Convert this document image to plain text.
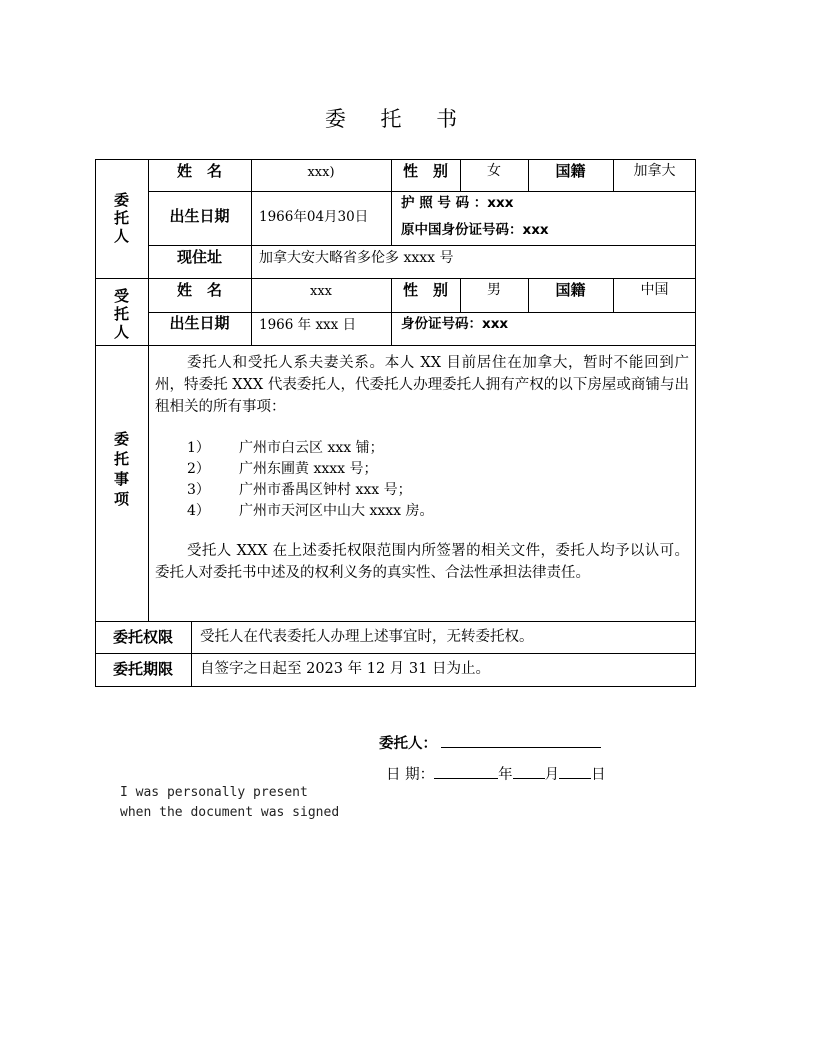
委 托 书
委
托
人
姓　名	xxx)	性　别	女	国籍	加拿大
出生日期	1966年04月30日
护 照 号 码 ：xxx
原中国身份证号码：xxx
现住址	加拿大安大略省多伦多 xxxx 号
受
托
人
姓　名	xxx	性　别	男	国籍	中国
出生日期	1966 年 xxx 日	身份证号码：xxx
委
托
事
项
委托人和受托人系夫妻关系。本人 XX 目前居住在加拿大，暂时不能回到广州，特委托 XXX 代表委托人，代委托人办理委托人拥有产权的以下房屋或商铺与出租相关的所有事项：
1） 广州市白云区 xxx 铺；
2） 广州东圃黄 xxxx 号；
3） 广州市番禺区钟村 xxx 号；
4） 广州市天河区中山大 xxxx 房。
受托人 XXX 在上述委托权限范围内所签署的相关文件，委托人均予以认可。委托人对委托书中述及的权利义务的真实性、合法性承担法律责任。
委托权限	受托人在代表委托人办理上述事宜时，无转委托权。
委托期限	自签字之日起至 2023 年 12 月 31 日为止。
委托人：
日 期：	年 月 日
I was personally present
when the document was signed
